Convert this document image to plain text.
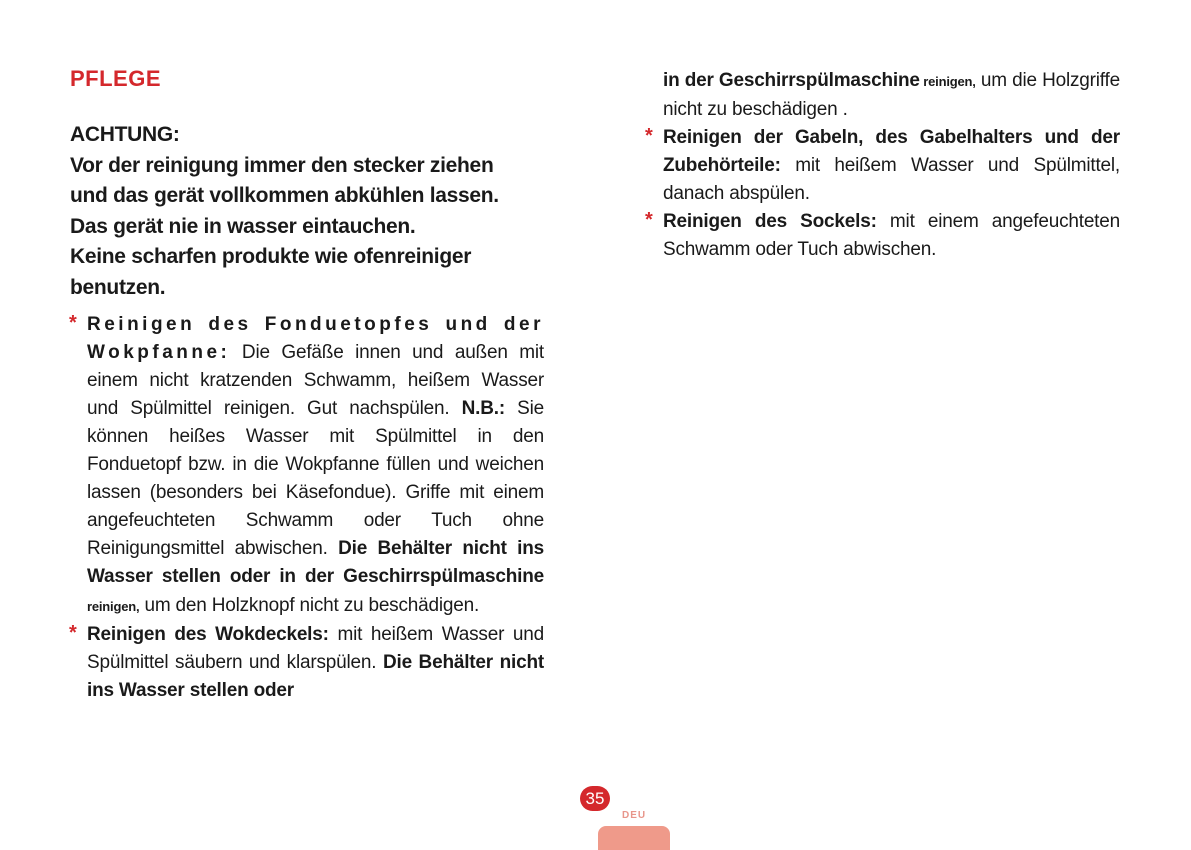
PFLEGE
ACHTUNG:
Vor der reinigung immer den stecker ziehen
und das gerät vollkommen abkühlen lassen.
Das gerät nie in wasser eintauchen.
Keine scharfen produkte wie ofenreiniger
benutzen.
* Reinigen des Fonduetopfes und der Wokpfanne: Die Gefäße innen und außen mit einem nicht kratzenden Schwamm, heißem Wasser und Spülmittel reinigen. Gut nachspülen. N.B.: Sie können heißes Wasser mit Spülmittel in den Fonduetopf bzw. in die Wokpfanne füllen und weichen lassen (besonders bei Käsefondue). Griffe mit einem angefeuchteten Schwamm oder Tuch ohne Reinigungsmittel abwischen. Die Behälter nicht ins Wasser stellen oder in der Geschirrspülmaschine reinigen, um den Holzknopf nicht zu beschädigen.

* Reinigen des Wokdeckels: mit heißem Wasser und Spülmittel säubern und klarspülen. Die Behälter nicht ins Wasser stellen oder

in der Geschirrspülmaschine reinigen, um die Holzgriffe nicht zu beschädigen .

* Reinigen der Gabeln, des Gabelhalters und der Zubehörteile: mit heißem Wasser und Spülmittel, danach abspülen.

* Reinigen des Sockels: mit einem angefeuchteten Schwamm oder Tuch abwischen.

35
DEU
